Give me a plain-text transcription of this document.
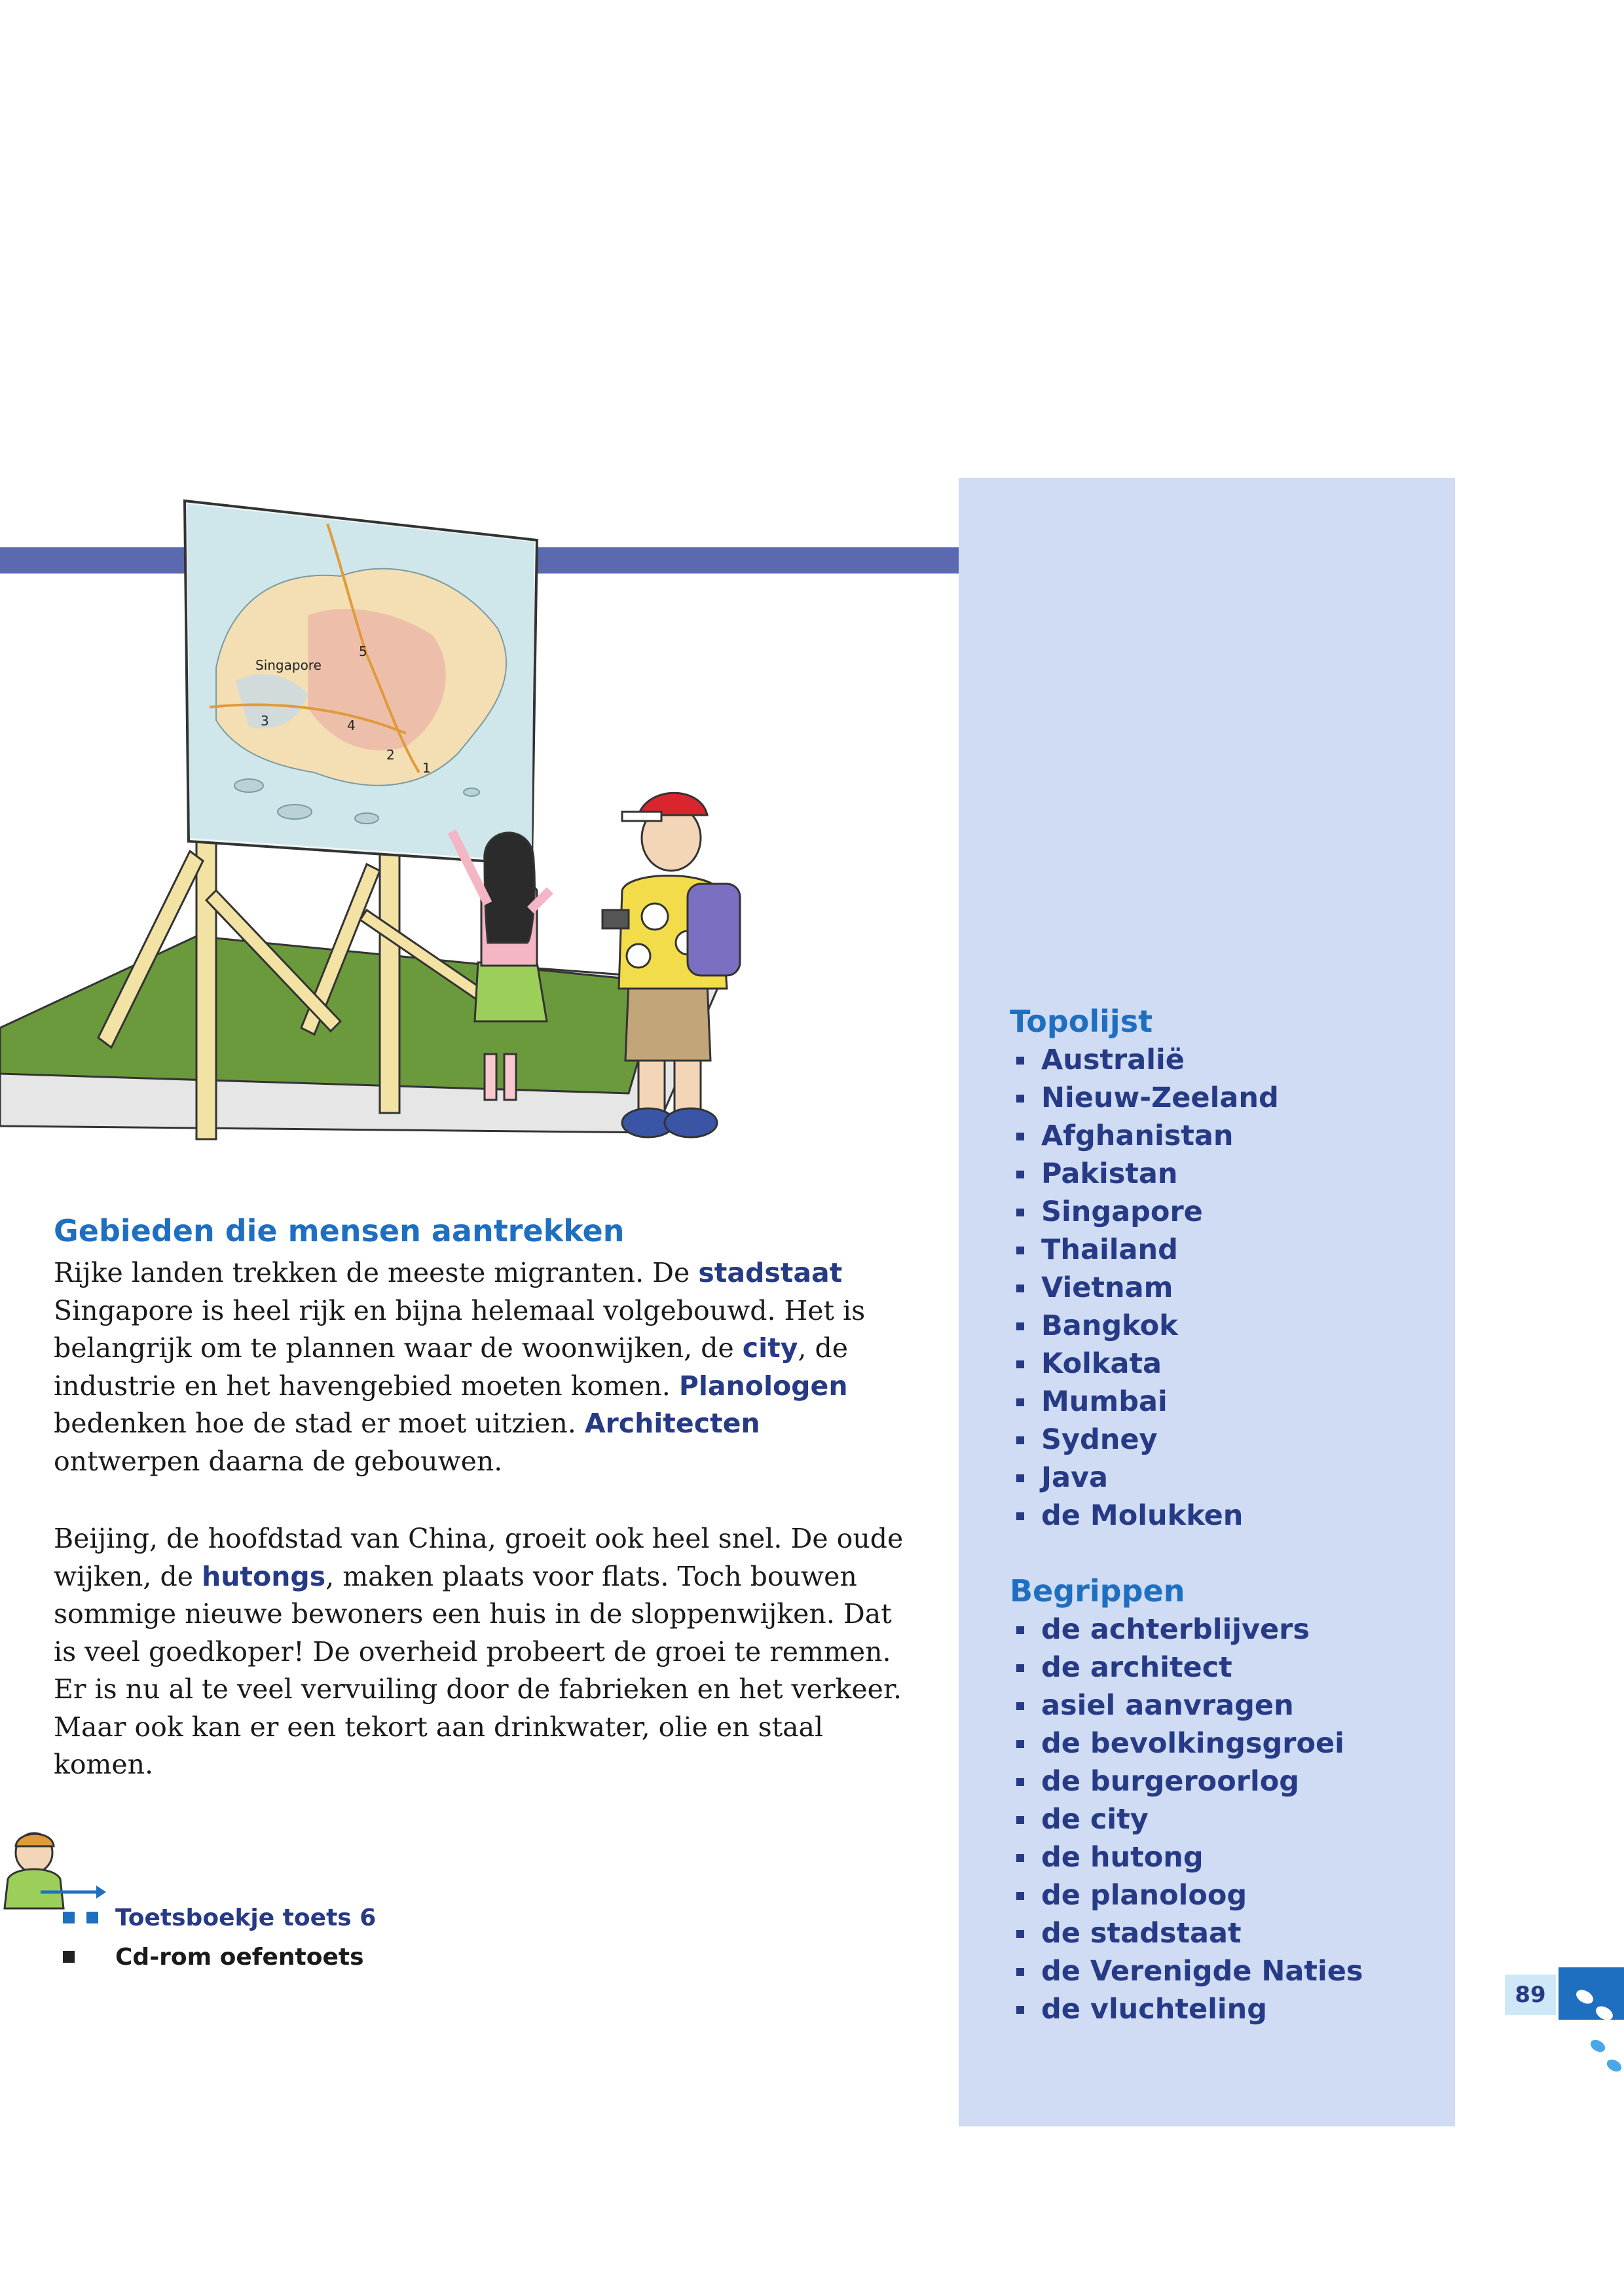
Singapore
1
2
3	4
5
Gebieden die mensen aantrekken

Rijke landen trekken de meeste migranten. De stadstaat Singapore is heel rijk en bijna helemaal volgebouwd. Het is belangrijk om te plannen waar de woonwijken, de city, de industrie en het havengebied moeten komen. Planologen bedenken hoe de stad er moet uitzien. Architecten ontwerpen daarna de gebouwen.

Beijing, de hoofdstad van China, groeit ook heel snel. De oude wijken, de hutongs, maken plaats voor flats. Toch bouwen sommige nieuwe bewoners een huis in de sloppenwijken. Dat is veel goedkoper! De overheid probeert de groei te remmen. Er is nu al te veel vervuiling door de fabrieken en het verkeer. Maar ook kan er een tekort aan drinkwater, olie en staal komen.

Toetsboekje toets 6
Cd-rom oefentoets
Topolijst
Australië
Nieuw-Zeeland
Afghanistan
Pakistan
Singapore
Thailand
Vietnam
Bangkok
Kolkata
Mumbai
Sydney
Java
de Molukken
Begrippen
de achterblijvers
de architect
asiel aanvragen
de bevolkingsgroei
de burgeroorlog
de city
de hutong
de planoloog
de stadstaat
de Verenigde Naties
de vluchteling	89
